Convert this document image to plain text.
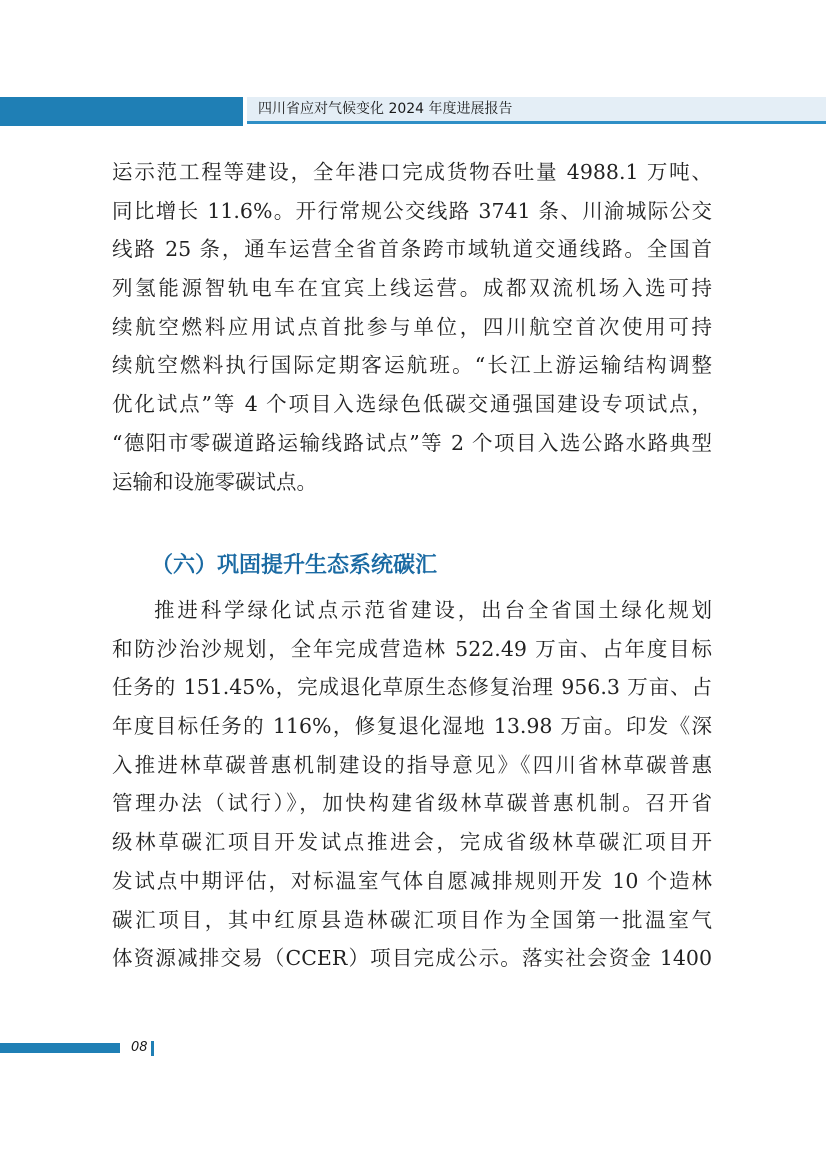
四川省应对气候变化 2024 年度进展报告
运示范工程等建设，全年港口完成货物吞吐量 4988.1 万吨、
同比增长 11.6%。开行常规公交线路 3741 条、川渝城际公交
线路 25 条，通车运营全省首条跨市域轨道交通线路。全国首
列氢能源智轨电车在宜宾上线运营。成都双流机场入选可持
续航空燃料应用试点首批参与单位，四川航空首次使用可持
续航空燃料执行国际定期客运航班。“长江上游运输结构调整
优化试点”等 4 个项目入选绿色低碳交通强国建设专项试点，
“德阳市零碳道路运输线路试点”等 2 个项目入选公路水路典型
运输和设施零碳试点。
（六）巩固提升生态系统碳汇
推进科学绿化试点示范省建设，出台全省国土绿化规划
和防沙治沙规划，全年完成营造林 522.49 万亩、占年度目标
任务的 151.45%，完成退化草原生态修复治理 956.3 万亩、占
年度目标任务的 116%，修复退化湿地 13.98 万亩。印发《深
入推进林草碳普惠机制建设的指导意见》《四川省林草碳普惠
管理办法（试行）》，加快构建省级林草碳普惠机制。召开省
级林草碳汇项目开发试点推进会，完成省级林草碳汇项目开
发试点中期评估，对标温室气体自愿减排规则开发 10 个造林
碳汇项目，其中红原县造林碳汇项目作为全国第一批温室气
体资源减排交易（CCER）项目完成公示。落实社会资金 1400
08
